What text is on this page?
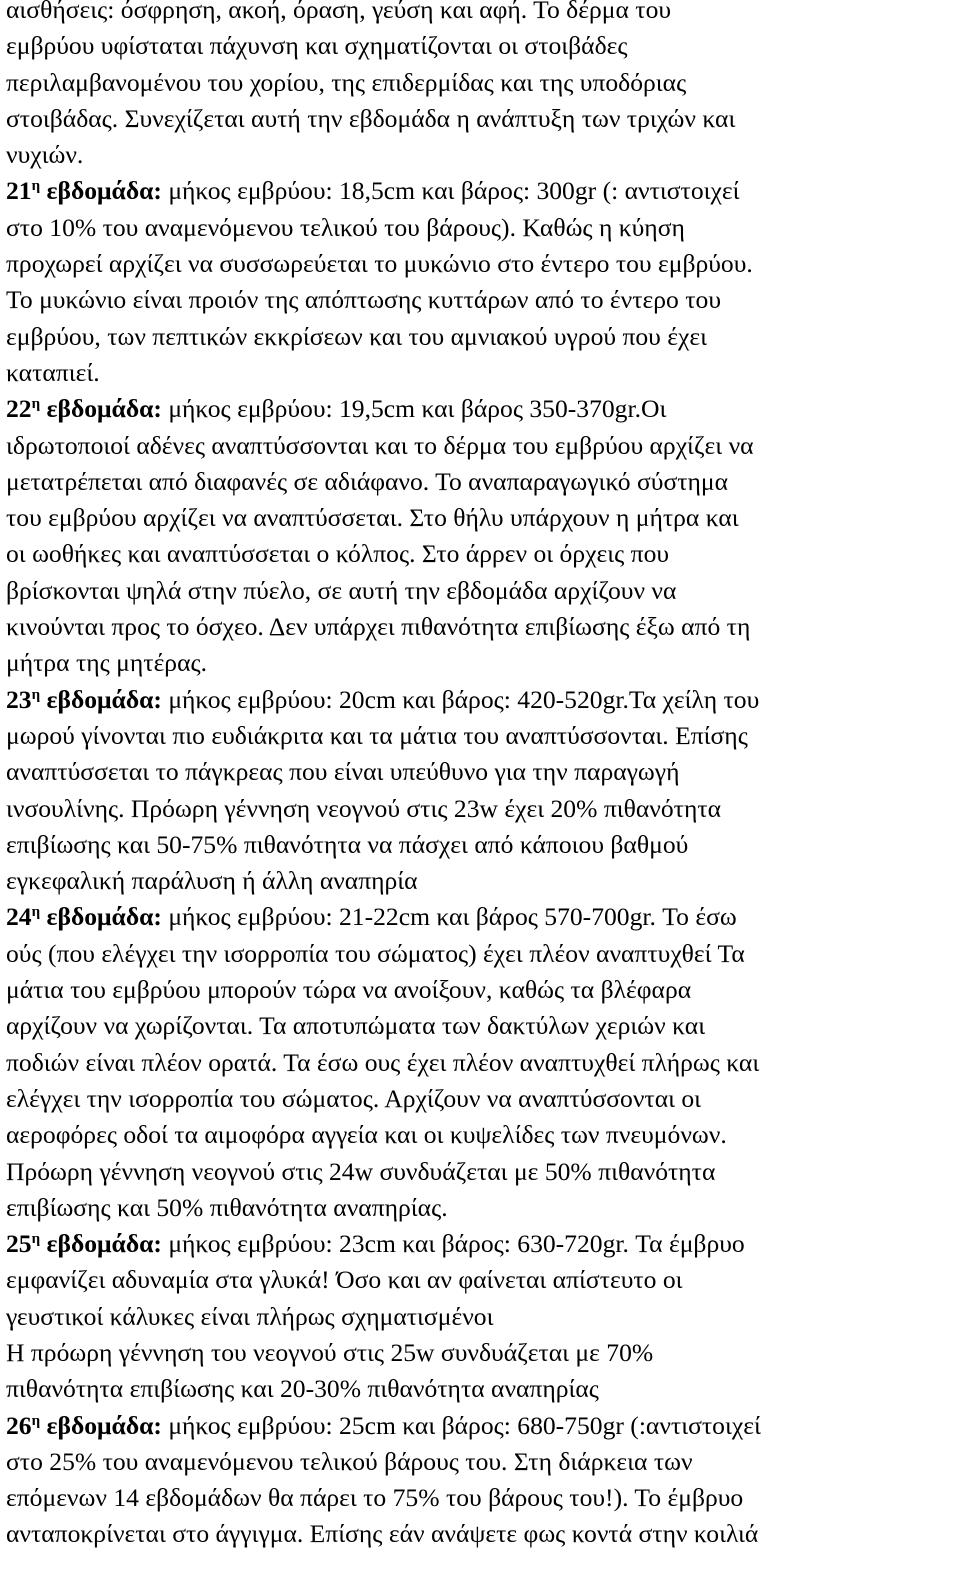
αισθήσεις: όσφρηση, ακοή, όραση, γεύση και αφή. Το δέρμα του
εμβρύου υφίσταται πάχυνση και σχηματίζονται οι στοιβάδες
περιλαμβανομένου του χορίου, της επιδερμίδας και της υποδόριας
στοιβάδας. Συνεχίζεται αυτή την εβδομάδα η ανάπτυξη των τριχών και
νυχιών.
$21^\eta$ εβδομάδα: μήκος εμβρύου: 18,5cm και βάρος: 300gr (: αντιστοιχεί
στο 10% του αναμενόμενου τελικού του βάρους). Καθώς η κύηση
προχωρεί αρχίζει να συσσωρεύεται το μυκώνιο στο έντερο του εμβρύου.
Το μυκώνιο είναι προιόν της απόπτωσης κυττάρων από το έντερο του
εμβρύου, των πεπτικών εκκρίσεων και του αμνιακού υγρού που έχει
καταπιεί.
$22^\eta$ εβδομάδα: μήκος εμβρύου: 19,5cm και βάρος 350-370gr.Οι
ιδρωτοποιοί αδένες αναπτύσσονται και το δέρμα του εμβρύου αρχίζει να
μετατρέπεται από διαφανές σε αδιάφανο. Το αναπαραγωγικό σύστημα
του εμβρύου αρχίζει να αναπτύσσεται. Στο θήλυ υπάρχουν η μήτρα και
οι ωοθήκες και αναπτύσσεται ο κόλπος. Στο άρρεν οι όρχεις που
βρίσκονται ψηλά στην πύελο, σε αυτή την εβδομάδα αρχίζουν να
κινούνται προς το όσχεο. Δεν υπάρχει πιθανότητα επιβίωσης έξω από τη
μήτρα της μητέρας.
$23^\eta$ εβδομάδα: μήκος εμβρύου: 20cm και βάρος: 420-520gr.Τα χείλη του
μωρού γίνονται πιο ευδιάκριτα και τα μάτια του αναπτύσσονται. Επίσης
αναπτύσσεται το πάγκρεας που είναι υπεύθυνο για την παραγωγή
ινσουλίνης. Πρόωρη γέννηση νεογνού στις 23w έχει 20% πιθανότητα
επιβίωσης και 50-75% πιθανότητα να πάσχει από κάποιου βαθμού
εγκεφαλική παράλυση ή άλλη αναπηρία
$24^\eta$ εβδομάδα: μήκος εμβρύου: 21-22cm και βάρος 570-700gr. Το έσω
ούς (που ελέγχει την ισορροπία του σώματος) έχει πλέον αναπτυχθεί Τα
μάτια του εμβρύου μπορούν τώρα να ανοίξουν, καθώς τα βλέφαρα
αρχίζουν να χωρίζονται. Τα αποτυπώματα των δακτύλων χεριών και
ποδιών είναι πλέον ορατά. Τα έσω ους έχει πλέον αναπτυχθεί πλήρως και
ελέγχει την ισορροπία του σώματος. Αρχίζουν να αναπτύσσονται οι
αεροφόρες οδοί τα αιμοφόρα αγγεία και οι κυψελίδες των πνευμόνων.
Πρόωρη γέννηση νεογνού στις 24w συνδυάζεται με 50% πιθανότητα
επιβίωσης και 50% πιθανότητα αναπηρίας.
$25^\eta$ εβδομάδα: μήκος εμβρύου: 23cm και βάρος: 630-720gr. Τα έμβρυο
εμφανίζει αδυναμία στα γλυκά! Όσο και αν φαίνεται απίστευτο οι
γευστικοί κάλυκες είναι πλήρως σχηματισμένοι
Η πρόωρη γέννηση του νεογνού στις 25w συνδυάζεται με 70%
πιθανότητα επιβίωσης και 20-30% πιθανότητα αναπηρίας
$26^\eta$ εβδομάδα: μήκος εμβρύου: 25cm και βάρος: 680-750gr (:αντιστοιχεί
στο 25% του αναμενόμενου τελικού βάρους του. Στη διάρκεια των
επόμενων 14 εβδομάδων θα πάρει το 75% του βάρους του!). Το έμβρυο
ανταποκρίνεται στο άγγιγμα. Επίσης εάν ανάψετε φως κοντά στην κοιλιά
